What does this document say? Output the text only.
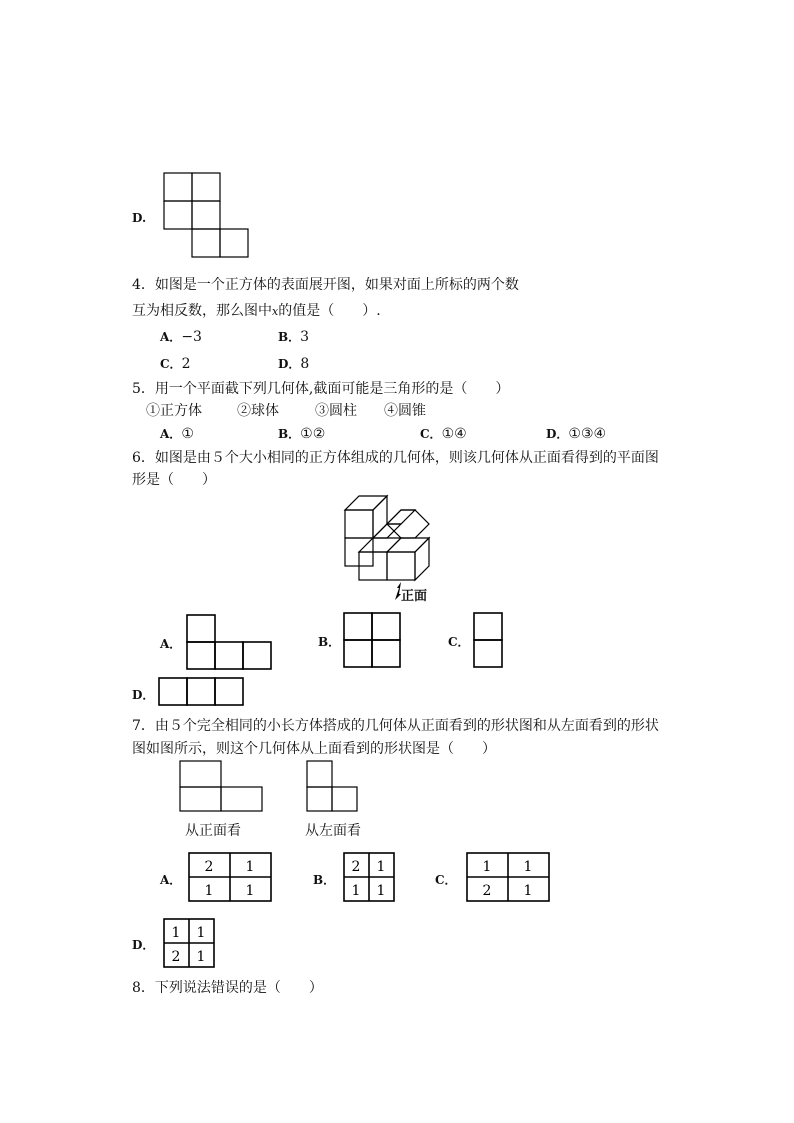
D.
4．如图是一个正方体的表面展开图，如果对面上所标的两个数
互为相反数，那么图中x的值是（　　）.
A．−3	B．3
C．2	D．8
5．用一个平面截下列几何体,截面可能是三角形的是（　　）
①正方体	②球体	③圆柱 ④圆锥
A．①	B．①②	C．①④	D．①③④
6．如图是由５个大小相同的正方体组成的几何体，则该几何体从正面看得到的平面图
形是（　　）
正面
A．	B．	C．
D．
7．由５个完全相同的小长方体搭成的几何体从正面看到的形状图和从左面看到的形状
图如图所示，则这个几何体从上面看到的形状图是（　　）
从正面看	从左面看
A．
2 1
1 1
B．
2 1
1 1
C．
1 1
2 1
D．
1 1
2 1
8．下列说法错误的是（　　）
